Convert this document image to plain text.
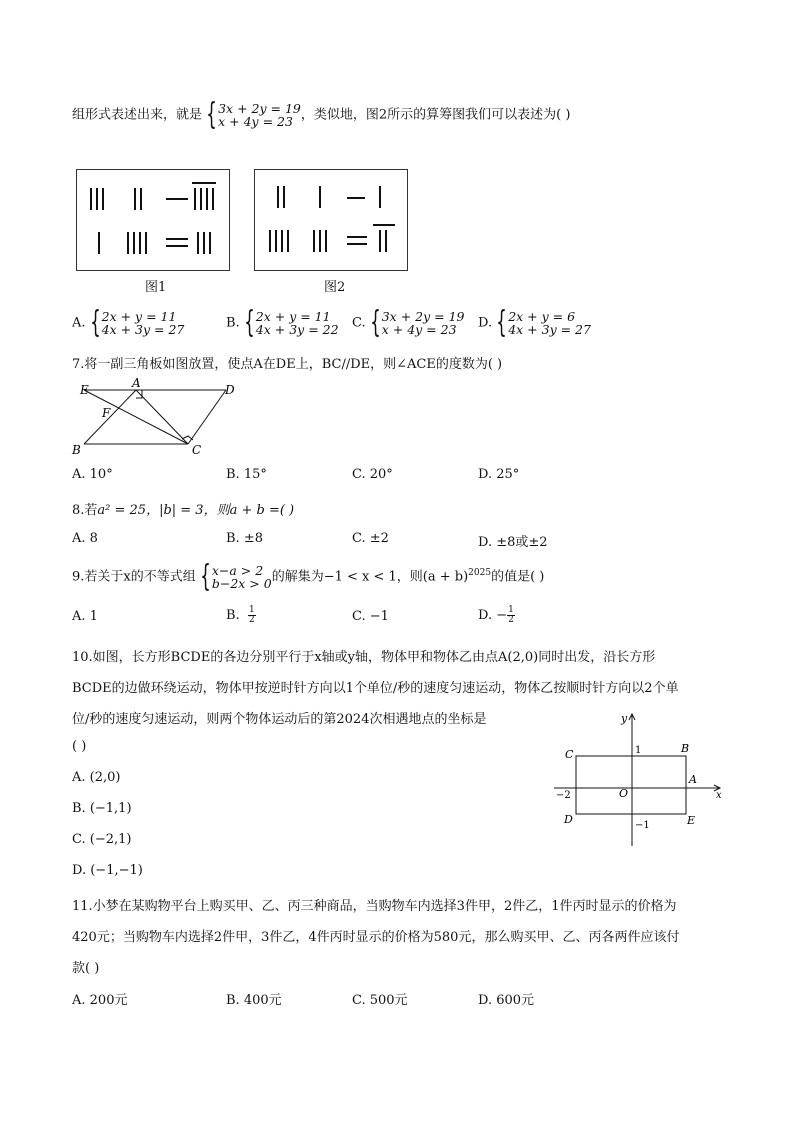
组形式表述出来，就是 { 3x + 2y = 19
x + 4y = 23 ，类似地，图2所示的算筹图我们可以表述为( )
图1	图2
A. { 2x + y = 11
4x + 3y = 27	B. { 2x + y = 11
4x + 3y = 22 C. { 3x + 2y = 19
x + 4y = 23	D. { 2x + y = 6
4x + 3y = 27
7.将一副三角板如图放置，使点A在DE上，BC//DE，则∠ACE的度数为( )
E	A	D
F
B	C
A. 10°	B. 15°	C. 20°	D. 25°
8.若a² = 25，|b| = 3，则a + b =( )
A. 8	B. ±8	C. ±2	D. ±8或±2
9.若关于x的不等式组 { x−a > 2
b−2x > 0 的解集为−1 < x < 1，则$(a + b)^{2025}$的值是( )
A. 1	B. $\frac{1}{2}$	C. −1	D. − $\frac{1}{2}$
10.如图，长方形BCDE的各边分别平行于x轴或y轴，物体甲和物体乙由点A(2,0)同时出发，沿长方形
BCDE的边做环绕运动，物体甲按逆时针方向以1个单位/秒的速度匀速运动，物体乙按顺时针方向以2个单
位/秒的速度匀速运动，则两个物体运动后的第2024次相遇地点的坐标是
( )
A. (2,0)
B. (−1,1)
C. (−2,1)
D. (−1,−1)
y
x
C	B
A
D	E
O
1
−2
−1
11.小梦在某购物平台上购买甲、乙、丙三种商品，当购物车内选择3件甲，2件乙，1件丙时显示的价格为
420元；当购物车内选择2件甲，3件乙，4件丙时显示的价格为580元，那么购买甲、乙、丙各两件应该付
款( )
A. 200元	B. 400元	C. 500元	D. 600元
